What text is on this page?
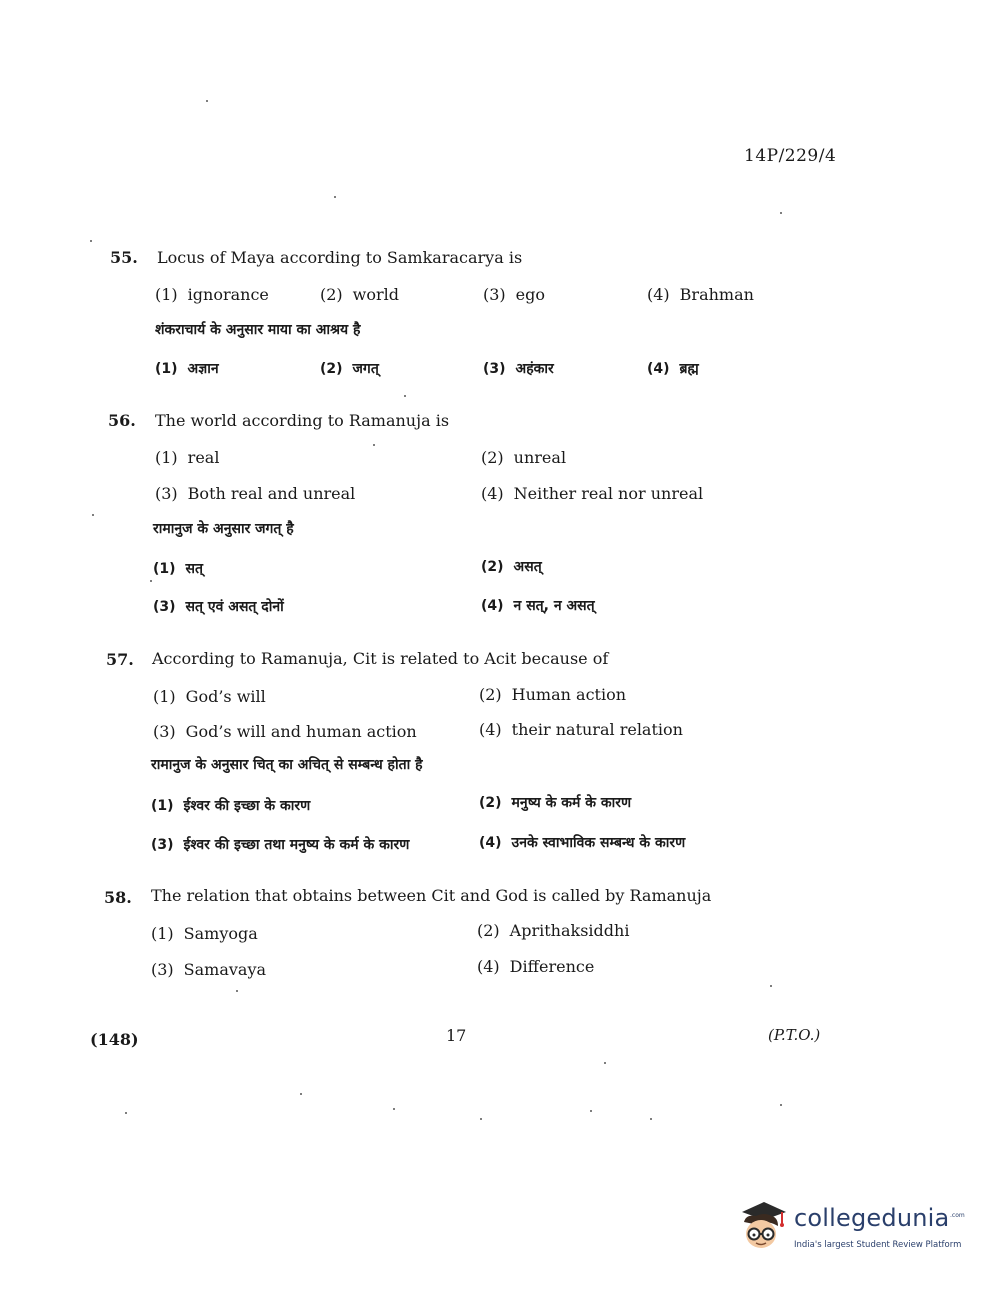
14P/229/4
55. Locus of Maya according to Samkaracarya is
(1) ignorance	(2) world	(3) ego	(4) Brahman
शंकराचार्य के अनुसार माया का आश्रय है
(1) अज्ञान	(2) जगत्	(3) अहंकार	(4) ब्रह्म
56. The world according to Ramanuja is
(1) real	(2) unreal
(3) Both real and unreal	(4) Neither real nor unreal
रामानुज के अनुसार जगत् है
(1) सत्	(2) असत्
(3) सत् एवं असत् दोनों	(4) न सत्, न असत्
57. According to Ramanuja, Cit is related to Acit because of
(1) God’s will	(2) Human action
(3) God’s will and human action	(4) their natural relation
रामानुज के अनुसार चित् का अचित् से सम्बन्ध होता है
(1) ईश्वर की इच्छा के कारण	(2) मनुष्य के कर्म के कारण
(3) ईश्वर की इच्छा तथा मनुष्य के कर्म के कारण	(4) उनके स्वाभाविक सम्बन्ध के कारण
58. The relation that obtains between Cit and God is called by Ramanuja
(1) Samyoga	(2) Aprithaksiddhi
(3) Samavaya	(4) Difference
(148)	17	(P.T.O.)
collegedunia .com
India's largest Student Review Platform
